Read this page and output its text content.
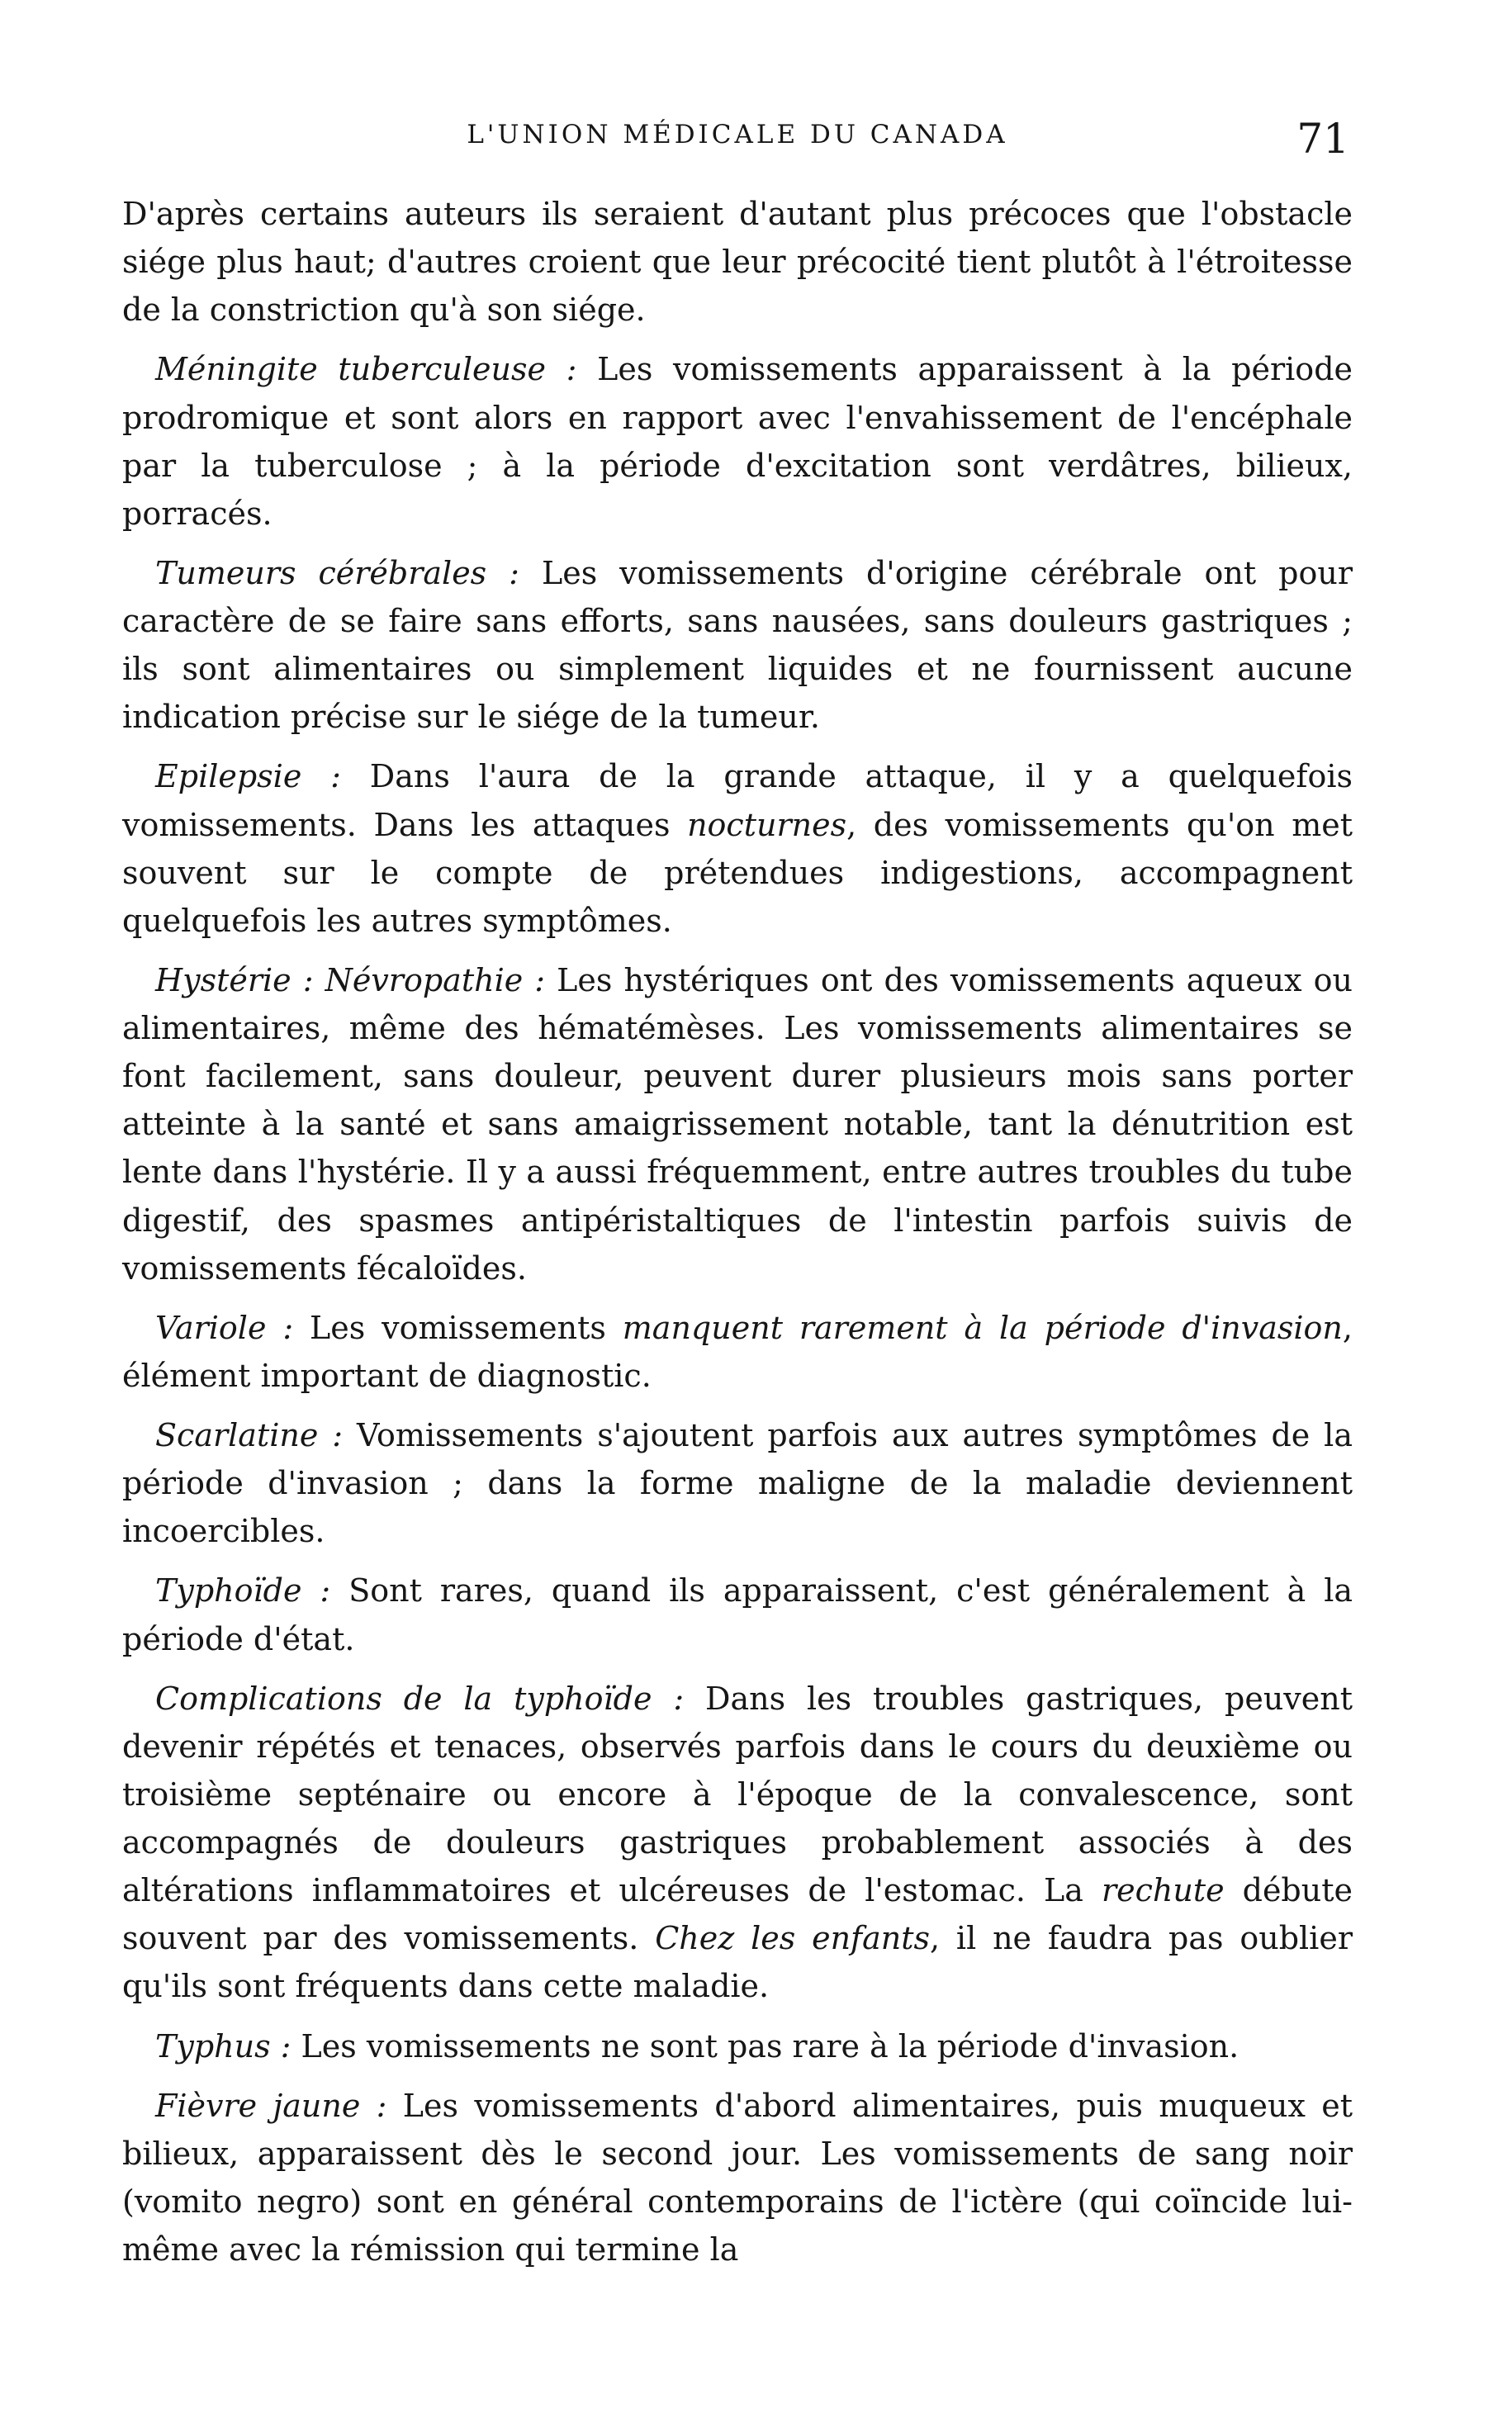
L'UNION MÉDICALE DU CANADA	71

D'après certains auteurs ils seraient d'autant plus précoces que l'obstacle siége plus haut; d'autres croient que leur précocité tient plutôt à l'étroitesse de la constriction qu'à son siége.

Méningite tuberculeuse : Les vomissements apparaissent à la période prodromique et sont alors en rapport avec l'envahissement de l'encéphale par la tuberculose ; à la période d'excitation sont verdâtres, bilieux, porracés.

Tumeurs cérébrales : Les vomissements d'origine cérébrale ont pour caractère de se faire sans efforts, sans nausées, sans douleurs gastriques ; ils sont alimentaires ou simplement liquides et ne fournissent aucune indication précise sur le siége de la tumeur.

Epilepsie : Dans l'aura de la grande attaque, il y a quelquefois vomissements. Dans les attaques nocturnes, des vomissements qu'on met souvent sur le compte de prétendues indigestions, accompagnent quelquefois les autres symptômes.

Hystérie : Névropathie : Les hystériques ont des vomissements aqueux ou alimentaires, même des hématémèses. Les vomissements alimentaires se font facilement, sans douleur, peuvent durer plusieurs mois sans porter atteinte à la santé et sans amaigrissement notable, tant la dénutrition est lente dans l'hystérie. Il y a aussi fréquemment, entre autres troubles du tube digestif, des spasmes antipéristaltiques de l'intestin parfois suivis de vomissements fécaloïdes.

Variole : Les vomissements manquent rarement à la période d'invasion, élément important de diagnostic.

Scarlatine : Vomissements s'ajoutent parfois aux autres symptômes de la période d'invasion ; dans la forme maligne de la maladie deviennent incoercibles.

Typhoïde : Sont rares, quand ils apparaissent, c'est généralement à la période d'état.

Complications de la typhoïde : Dans les troubles gastriques, peuvent devenir répétés et tenaces, observés parfois dans le cours du deuxième ou troisième septénaire ou encore à l'époque de la convalescence, sont accompagnés de douleurs gastriques probablement associés à des altérations inflammatoires et ulcéreuses de l'estomac. La rechute débute souvent par des vomissements. Chez les enfants, il ne faudra pas oublier qu'ils sont fréquents dans cette maladie.

Typhus : Les vomissements ne sont pas rare à la période d'invasion.

Fièvre jaune : Les vomissements d'abord alimentaires, puis muqueux et bilieux, apparaissent dès le second jour. Les vomissements de sang noir (vomito negro) sont en général contemporains de l'ictère (qui coïncide lui-même avec la rémission qui termine la
